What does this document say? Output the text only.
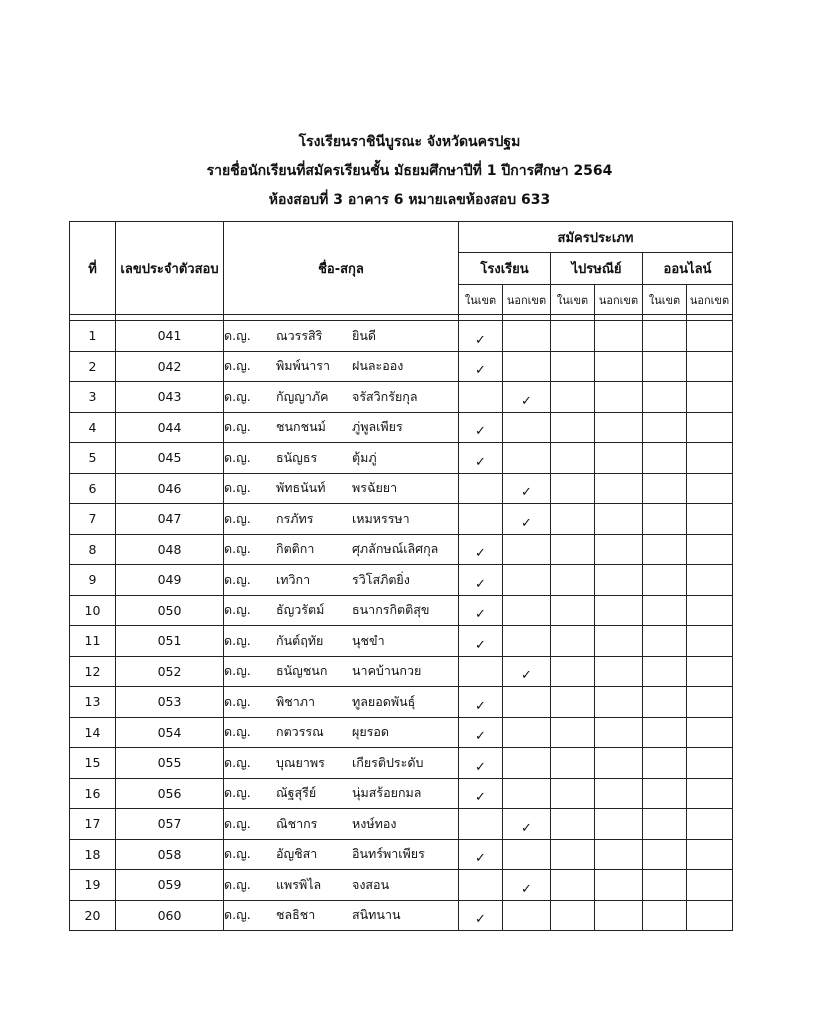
โรงเรียนราชินีบูรณะ จังหวัดนครปฐม
รายชื่อนักเรียนที่สมัครเรียนชั้น มัธยมศึกษาปีที่ 1 ปีการศึกษา 2564
ห้องสอบที่ 3 อาคาร 6 หมายเลขห้องสอบ 633
ที่	เลขประจำตัวสอบ	ชื่อ-สกุล	สมัครประเภท					
			โรงเรียน		ไปรษณีย์		ออนไลน์	
			ในเขต	นอกเขต	ในเขต	นอกเขต	ในเขต	นอกเขต

1	041	ด.ญ. ณวรรสิริ ยินดี	✓					
2	042	ด.ญ. พิมพ์นารา ฝนละออง	✓					
3	043	ด.ญ. กัญญาภัค จรัสวิกรัยกุล		✓				
4	044	ด.ญ. ชนกชนม์ ภู่พูลเพียร	✓					
5	045	ด.ญ. ธนัญธร ตุ้มภู่	✓					
6	046	ด.ญ. พัทธนันท์ พรฉัยยา		✓				
7	047	ด.ญ. กรภัทร เหมหรรษา		✓				
8	048	ด.ญ. กิตติกา ศุภลักษณ์เลิศกุล	✓					
9	049	ด.ญ. เทวิกา รวิโสภิตยิ่ง	✓					
10	050	ด.ญ. ธัญวรัตม์ ธนากรกิตติสุข	✓					
11	051	ด.ญ. กันต์ฤทัย นุชขำ	✓					
12	052	ด.ญ. ธนัญชนก นาคบ้านกวย		✓				
13	053	ด.ญ. พิชาภา ทูลยอดพันธุ์	✓					
14	054	ด.ญ. กตวรรณ ผุยรอด	✓					
15	055	ด.ญ. บุณยาพร เกียรติประดับ	✓					
16	056	ด.ญ. ณัฐสุรีย์ นุ่มสร้อยกมล	✓					
17	057	ด.ญ. ณิชากร หงษ์ทอง		✓				
18	058	ด.ญ. อัญชิสา อินทร์พาเพียร	✓					
19	059	ด.ญ. แพรพิไล จงสอน		✓				
20	060	ด.ญ. ชลธิชา สนิทนาน	✓					
